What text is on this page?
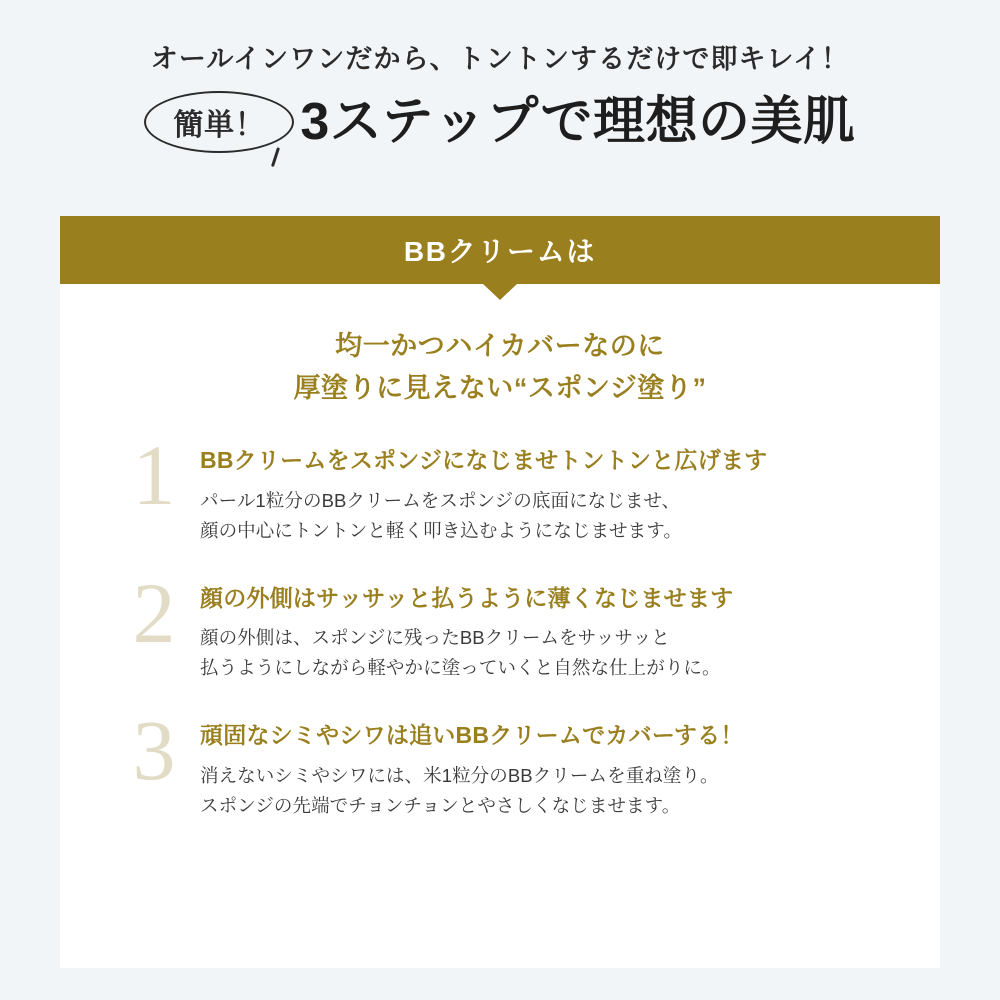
オールインワンだから、トントンするだけで即キレイ！
簡単！ 3ステップで理想の美肌
BBクリームは
均一かつハイカバーなのに
厚塗りに見えない“スポンジ塗り”
1	BBクリームをスポンジになじませトントンと広げます
パール1粒分のBBクリームをスポンジの底面になじませ、
顔の中心にトントンと軽く叩き込むようになじませます。
2	顔の外側はサッサッと払うように薄くなじませます
顔の外側は、スポンジに残ったBBクリームをサッサッと
払うようにしながら軽やかに塗っていくと自然な仕上がりに。
3	頑固なシミやシワは追いBBクリームでカバーする！
消えないシミやシワには、米1粒分のBBクリームを重ね塗り。
スポンジの先端でチョンチョンとやさしくなじませます。
